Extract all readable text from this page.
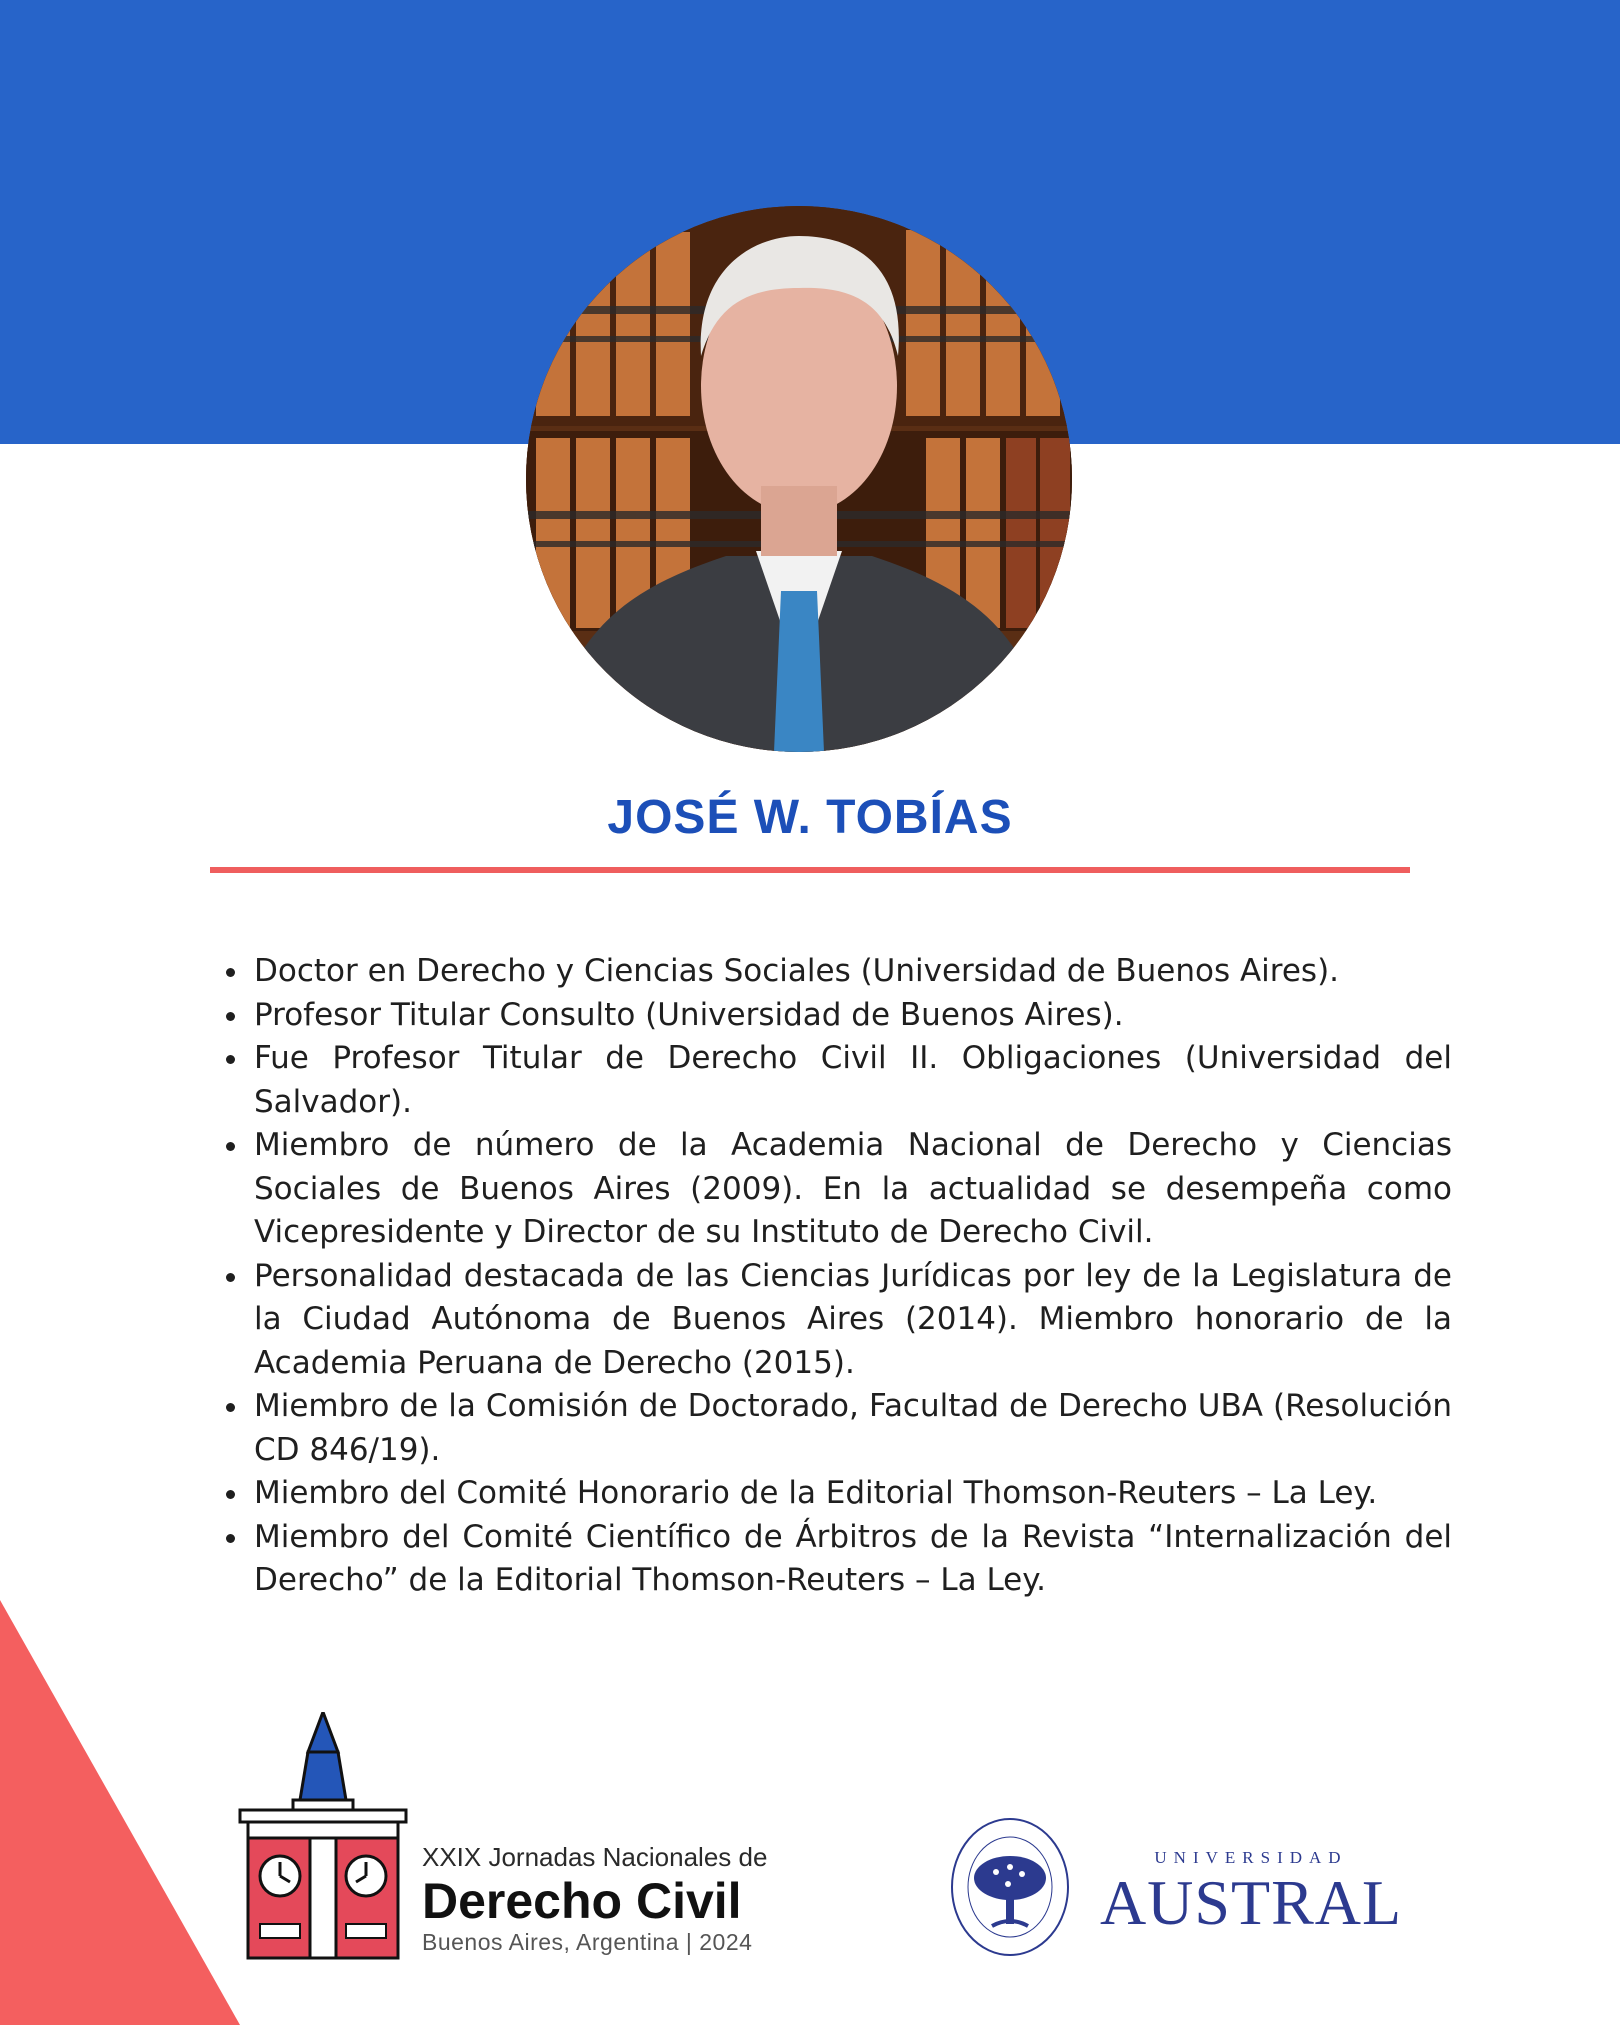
JOSÉ W. TOBÍAS
Doctor en Derecho y Ciencias Sociales (Universidad de Buenos Aires).
Profesor Titular Consulto (Universidad de Buenos Aires).
Fue Profesor Titular de Derecho Civil II. Obligaciones (Universidad del Salvador).
Miembro de número de la Academia Nacional de Derecho y Ciencias Sociales de Buenos Aires (2009). En la actualidad se desempeña como Vicepresidente y Director de su Instituto de Derecho Civil.
Personalidad destacada de las Ciencias Jurídicas por ley de la Legislatura de la Ciudad Autónoma de Buenos Aires (2014). Miembro honorario de la Academia Peruana de Derecho (2015).
Miembro de la Comisión de Doctorado, Facultad de Derecho UBA (Resolución CD 846/19).
Miembro del Comité Honorario de la Editorial Thomson-Reuters – La Ley.
Miembro del Comité Científico de Árbitros de la Revista “Internalización del Derecho” de la Editorial Thomson-Reuters – La Ley.
XXIX Jornadas Nacionales de
Derecho Civil
Buenos Aires, Argentina | 2024
UNIVERSIDAD
AUSTRAL
